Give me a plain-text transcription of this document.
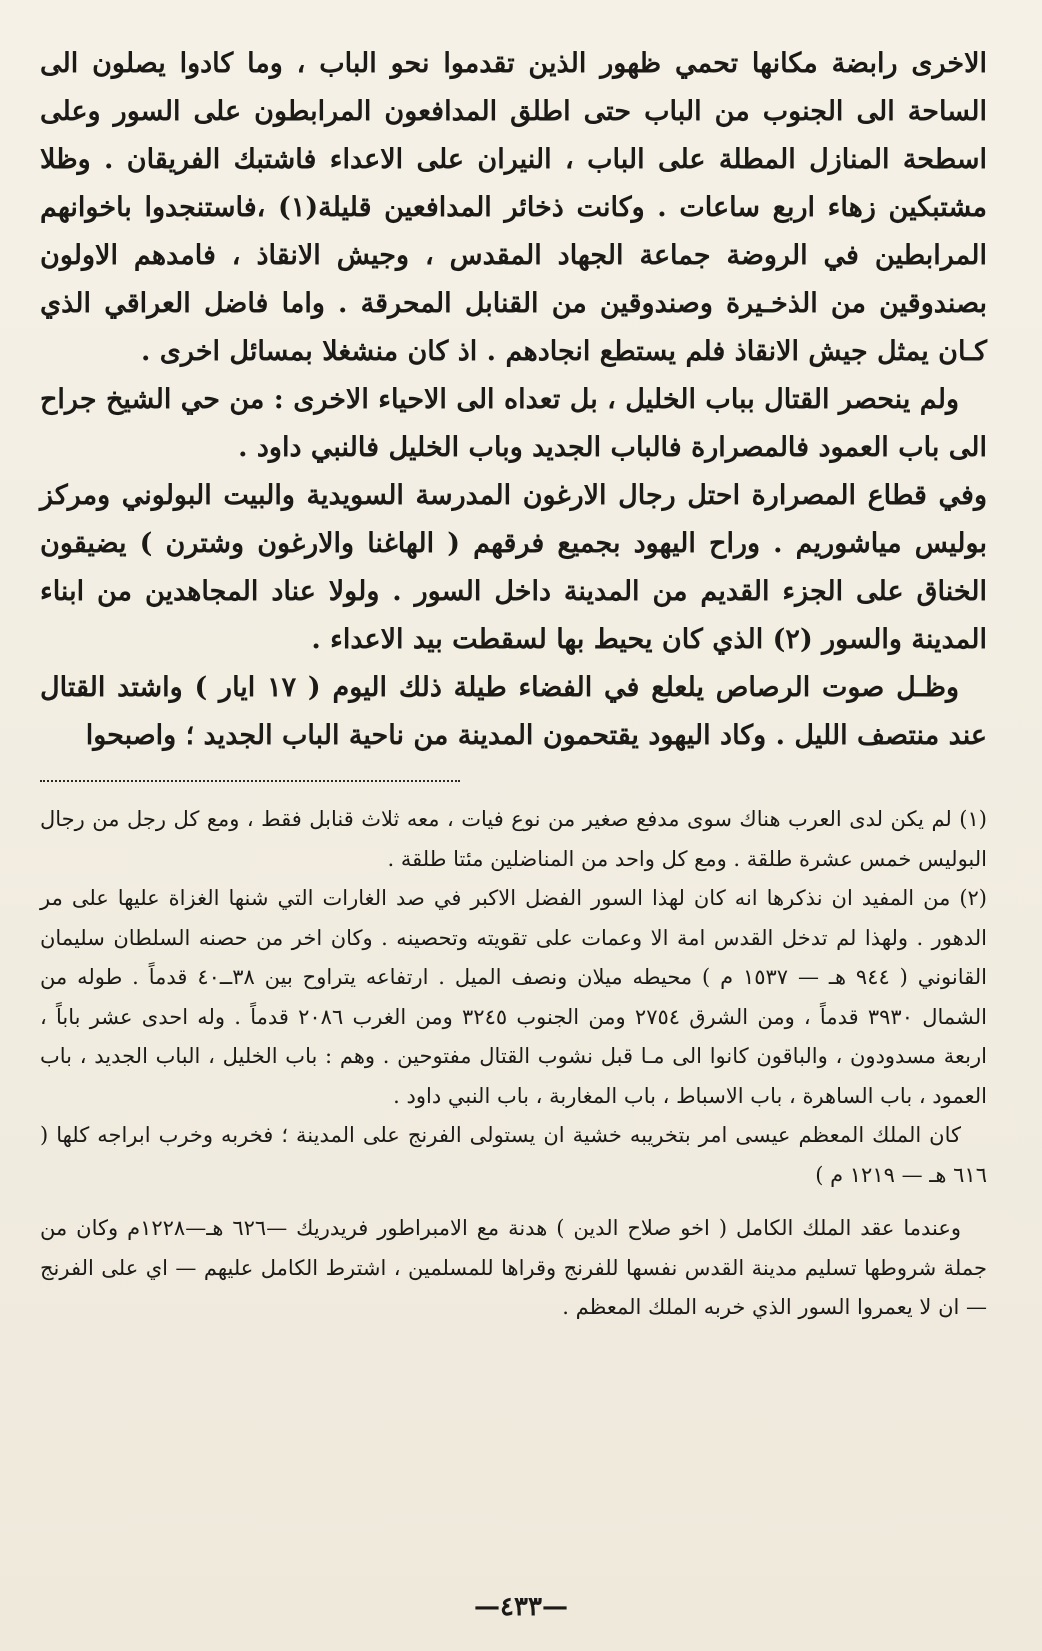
الاخرى رابضة مكانها تحمي ظهور الذين تقدموا نحو الباب ، وما كادوا يصلون الى الساحة الى الجنوب من الباب حتى اطلق المدافعون المرابطون على السور وعلى اسطحة المنازل المطلة على الباب ، النيران على الاعداء فاشتبك الفريقان . وظلا مشتبكين زهاء اربع ساعات . وكانت ذخائر المدافعين قليلة(١) ،فاستنجدوا باخوانهم المرابطين في الروضة جماعة الجهاد المقدس ، وجيش الانقاذ ، فامدهم الاولون بصندوقين من الذخـيرة وصندوقين من القنابل المحرقة . واما فاضل العراقي الذي كـان يمثل جيش الانقاذ فلم يستطع انجادهم . اذ كان منشغلا بمسائل اخرى .

ولم ينحصر القتال بباب الخليل ، بل تعداه الى الاحياء الاخرى : من حي الشيخ جراح الى باب العمود فالمصرارة فالباب الجديد وباب الخليل فالنبي داود .

وفي قطاع المصرارة احتل رجال الارغون المدرسة السويدية والبيت البولوني ومركز بوليس مياشوريم . وراح اليهود بجميع فرقهم ( الهاغنا والارغون وشترن ) يضيقون الخناق على الجزء القديم من المدينة داخل السور . ولولا عناد المجاهدين من ابناء المدينة والسور (٢) الذي كان يحيط بها لسقطت بيد الاعداء .

وظـل صوت الرصاص يلعلع في الفضاء طيلة ذلك اليوم ( ١٧ ايار ) واشتد القتال عند منتصف الليل . وكاد اليهود يقتحمون المدينة من ناحية الباب الجديد ؛ واصبحوا

(١) لم يكن لدى العرب هناك سوى مدفع صغير من نوع فيات ، معه ثلاث قنابل فقط ، ومع كل رجل من رجال البوليس خمس عشرة طلقة . ومع كل واحد من المناضلين مئتا طلقة .

(٢) من المفيد ان نذكرها انه كان لهذا السور الفضل الاكبر في صد الغارات التي شنها الغزاة عليها على مر الدهور . ولهذا لم تدخل القدس امة الا وعمات على تقويته وتحصينه . وكان اخر من حصنه السلطان سليمان القانوني ( ٩٤٤ هـ — ١٥٣٧ م ) محيطه ميلان ونصف الميل . ارتفاعه يتراوح بين ٣٨ــ٤٠ قدماً . طوله من الشمال ٣٩٣٠ قدماً ، ومن الشرق ٢٧٥٤ ومن الجنوب ٣٢٤٥ ومن الغرب ٢٠٨٦ قدماً . وله احدى عشر باباً ، اربعة مسدودون ، والباقون كانوا الى مـا قبل نشوب القتال مفتوحين . وهم : باب الخليل ، الباب الجديد ، باب العمود ، باب الساهرة ، باب الاسباط ، باب المغاربة ، باب النبي داود .

كان الملك المعظم عيسى امر بتخريبه خشية ان يستولى الفرنج على المدينة ؛ فخربه وخرب ابراجه كلها ( ٦١٦ هـ — ١٢١٩ م )

وعندما عقد الملك الكامل ( اخو صلاح الدين ) هدنة مع الامبراطور فريدريك —٦٢٦ هـ—١٢٢٨م وكان من جملة شروطها تسليم مدينة القدس نفسها للفرنج وقراها للمسلمين ، اشترط الكامل عليهم — اي على الفرنج — ان لا يعمروا السور الذي خربه الملك المعظم .

—٤٣٣—
